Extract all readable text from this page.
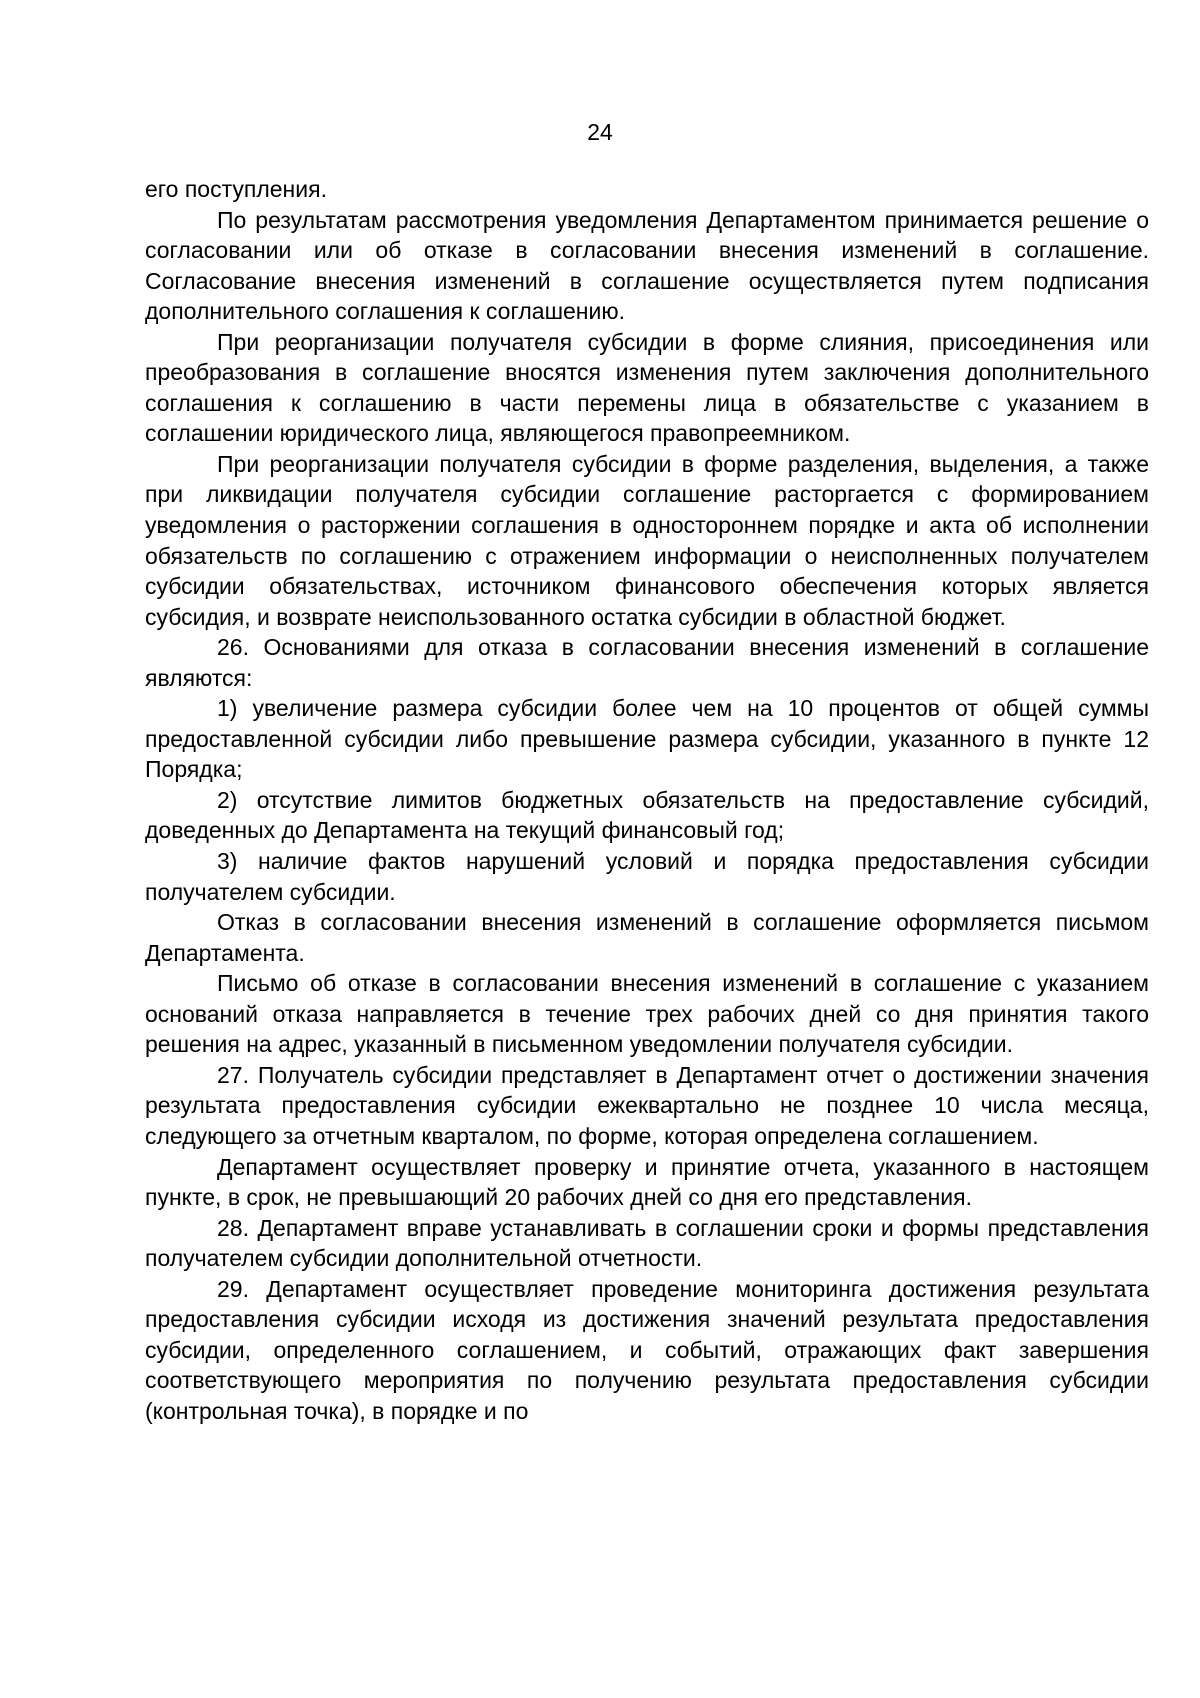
24

его поступления.

По результатам рассмотрения уведомления Департаментом принимается решение о согласовании или об отказе в согласовании внесения изменений в соглашение. Согласование внесения изменений в соглашение осуществляется путем подписания дополнительного соглашения к соглашению.

При реорганизации получателя субсидии в форме слияния, присоединения или преобразования в соглашение вносятся изменения путем заключения дополнительного соглашения к соглашению в части перемены лица в обязательстве с указанием в соглашении юридического лица, являющегося правопреемником.

При реорганизации получателя субсидии в форме разделения, выделения, а также при ликвидации получателя субсидии соглашение расторгается с формированием уведомления о расторжении соглашения в одностороннем порядке и акта об исполнении обязательств по соглашению с отражением информации о неисполненных получателем субсидии обязательствах, источником финансового обеспечения которых является субсидия, и возврате неиспользованного остатка субсидии в областной бюджет.

26. Основаниями для отказа в согласовании внесения изменений в соглашение являются:

1) увеличение размера субсидии более чем на 10 процентов от общей суммы предоставленной субсидии либо превышение размера субсидии, указанного в пункте 12 Порядка;

2) отсутствие лимитов бюджетных обязательств на предоставление субсидий, доведенных до Департамента на текущий финансовый год;

3) наличие фактов нарушений условий и порядка предоставления субсидии получателем субсидии.

Отказ в согласовании внесения изменений в соглашение оформляется письмом Департамента.

Письмо об отказе в согласовании внесения изменений в соглашение с указанием оснований отказа направляется в течение трех рабочих дней со дня принятия такого решения на адрес, указанный в письменном уведомлении получателя субсидии.

27. Получатель субсидии представляет в Департамент отчет о достижении значения результата предоставления субсидии ежеквартально не позднее 10 числа месяца, следующего за отчетным кварталом, по форме, которая определена соглашением.

Департамент осуществляет проверку и принятие отчета, указанного в настоящем пункте, в срок, не превышающий 20 рабочих дней со дня его представления.

28. Департамент вправе устанавливать в соглашении сроки и формы представления получателем субсидии дополнительной отчетности.

29. Департамент осуществляет проведение мониторинга достижения результата предоставления субсидии исходя из достижения значений результата предоставления субсидии, определенного соглашением, и событий, отражающих факт завершения соответствующего мероприятия по получению результата предоставления субсидии (контрольная точка), в порядке и по
